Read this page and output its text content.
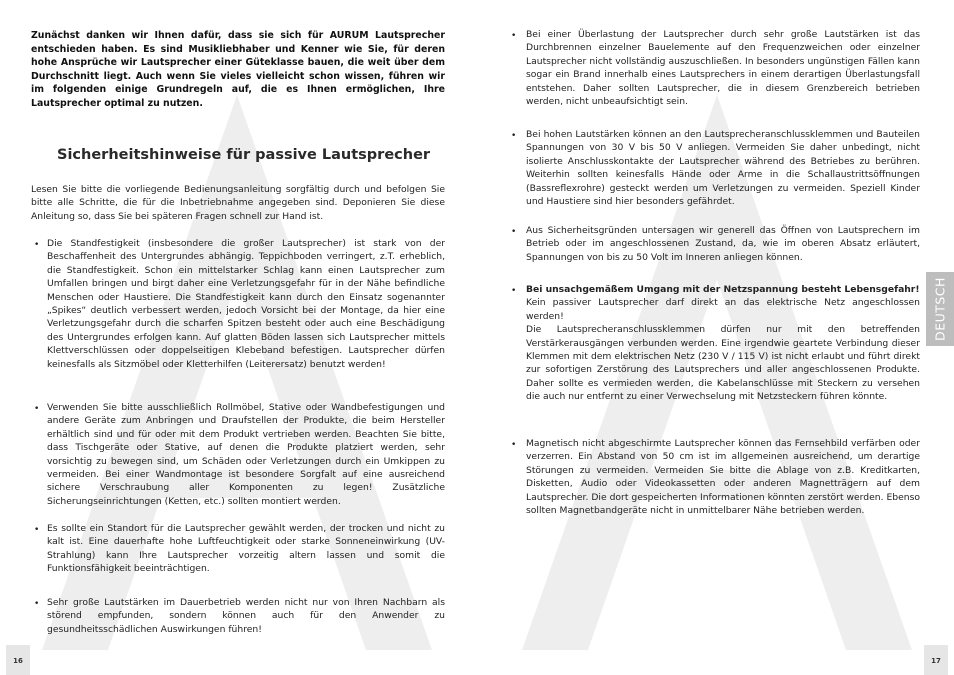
Zunächst danken wir Ihnen dafür, dass sie sich für AURUM Lautsprecher entschieden haben. Es sind Musikliebhaber und Kenner wie Sie, für deren hohe Ansprüche wir Lautsprecher einer Güteklasse bauen, die weit über dem Durchschnitt liegt. Auch wenn Sie vieles vielleicht schon wissen, führen wir im folgenden einige Grundregeln auf, die es Ihnen ermöglichen, Ihre Lautsprecher optimal zu nutzen.

Sicherheitshinweise für passive Lautsprecher

Lesen Sie bitte die vorliegende Bedienungsanleitung sorgfältig durch und befolgen Sie bitte alle Schritte, die für die Inbetriebnahme angegeben sind. Deponieren Sie diese Anleitung so, dass Sie bei späteren Fragen schnell zur Hand ist.

• Die Standfestigkeit (insbesondere die großer Lautsprecher) ist stark von der Beschaffenheit des Untergrundes abhängig. Teppichboden verringert, z.T. erheblich, die Standfestigkeit. Schon ein mittelstarker Schlag kann einen Lautsprecher zum Umfallen bringen und birgt daher eine Verletzungsgefahr für in der Nähe befindliche Menschen oder Haustiere. Die Standfestigkeit kann durch den Einsatz sogenannter „Spikes“ deutlich verbessert werden, jedoch Vorsicht bei der Montage, da hier eine Verletzungsgefahr durch die scharfen Spitzen besteht oder auch eine Beschädigung des Untergrundes erfolgen kann. Auf glatten Böden lassen sich Lautsprecher mittels Klettverschlüssen oder doppelseitigen Klebeband befestigen. Lautsprecher dürfen keinesfalls als Sitzmöbel oder Kletterhilfen (Leiterersatz) benutzt werden!

• Verwenden Sie bitte ausschließlich Rollmöbel, Stative oder Wandbefestigungen und andere Geräte zum Anbringen und Draufstellen der Produkte, die beim Hersteller erhältlich sind und für oder mit dem Produkt vertrieben werden. Beachten Sie bitte, dass Tischgeräte oder Stative, auf denen die Produkte platziert werden, sehr vorsichtig zu bewegen sind, um Schäden oder Verletzungen durch ein Umkippen zu vermeiden. Bei einer Wandmontage ist besondere Sorgfalt auf eine ausreichend sichere Verschraubung aller Komponenten zu legen! Zusätzliche Sicherungseinrichtungen (Ketten, etc.) sollten montiert werden.

• Es sollte ein Standort für die Lautsprecher gewählt werden, der trocken und nicht zu kalt ist. Eine dauerhafte hohe Luftfeuchtigkeit oder starke Sonneneinwirkung (UV-Strahlung) kann Ihre Lautsprecher vorzeitig altern lassen und somit die Funktionsfähigkeit beeinträchtigen.

• Sehr große Lautstärken im Dauerbetrieb werden nicht nur von Ihren Nachbarn als störend empfunden, sondern können auch für den Anwender zu gesundheitsschädlichen Auswirkungen führen!

• Bei einer Überlastung der Lautsprecher durch sehr große Lautstärken ist das Durchbrennen einzelner Bauelemente auf den Frequenzweichen oder einzelner Lautsprecher nicht vollständig auszuschließen. In besonders ungünstigen Fällen kann sogar ein Brand innerhalb eines Lautsprechers in einem derartigen Überlastungsfall entstehen. Daher sollten Lautsprecher, die in diesem Grenzbereich betrieben werden, nicht unbeaufsichtigt sein.

• Bei hohen Lautstärken können an den Lautsprecheranschlussklemmen und Bauteilen Spannungen von 30 V bis 50 V anliegen. Vermeiden Sie daher unbedingt, nicht isolierte Anschlusskontakte der Lautsprecher während des Betriebes zu berühren. Weiterhin sollten keinesfalls Hände oder Arme in die Schallaustrittsöffnungen (Bassreflexrohre) gesteckt werden um Verletzungen zu vermeiden. Speziell Kinder und Haustiere sind hier besonders gefährdet.

• Aus Sicherheitsgründen untersagen wir generell das Öffnen von Lautsprechern im Betrieb oder im angeschlossenen Zustand, da, wie im oberen Absatz erläutert, Spannungen von bis zu 50 Volt im Inneren anliegen können.

• Bei unsachgemäßem Umgang mit der Netzspannung besteht Lebensgefahr!
Kein passiver Lautsprecher darf direkt an das elektrische Netz angeschlossen werden!
Die Lautsprecheranschlussklemmen dürfen nur mit den betreffenden Verstärkerausgängen verbunden werden. Eine irgendwie geartete Verbindung dieser Klemmen mit dem elektrischen Netz (230 V / 115 V) ist nicht erlaubt und führt direkt zur sofortigen Zerstörung des Lautsprechers und aller angeschlossenen Produkte. Daher sollte es vermieden werden, die Kabelanschlüsse mit Steckern zu versehen die auch nur entfernt zu einer Verwechselung mit Netzsteckern führen könnte.
• Magnetisch nicht abgeschirmte Lautsprecher können das Fernsehbild verfärben oder verzerren. Ein Abstand von 50 cm ist im allgemeinen ausreichend, um derartige Störungen zu vermeiden. Vermeiden Sie bitte die Ablage von z.B. Kreditkarten, Disketten, Audio oder Videokassetten oder anderen Magnetträgern auf dem Lautsprecher. Die dort gespeicherten Informationen könnten zerstört werden. Ebenso sollten Magnetbandgeräte nicht in unmittelbarer Nähe betrieben werden.

DEUTSCH
16	17
